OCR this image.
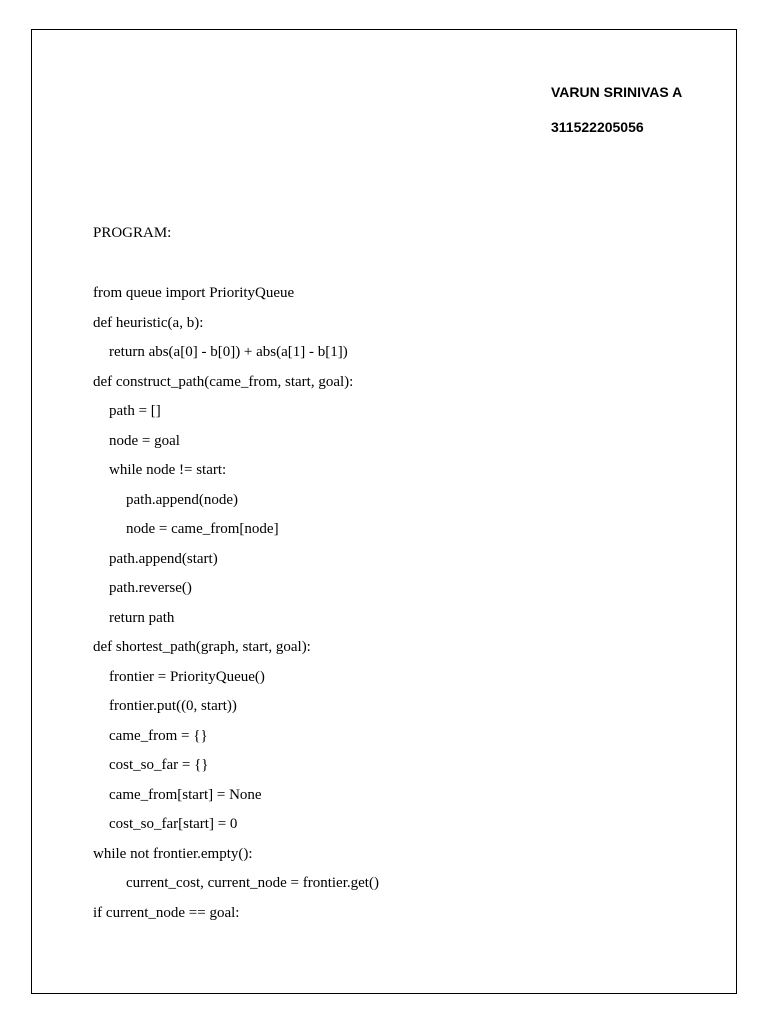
VARUN SRINIVAS A
311522205056
PROGRAM:
from queue import PriorityQueue
def heuristic(a, b):
return abs(a[0] - b[0]) + abs(a[1] - b[1])
def construct_path(came_from, start, goal):
path = []
node = goal
while node != start:
path.append(node)
node = came_from[node]
path.append(start)
path.reverse()
return path
def shortest_path(graph, start, goal):
frontier = PriorityQueue()
frontier.put((0, start))
came_from = {}
cost_so_far = {}
came_from[start] = None
cost_so_far[start] = 0
while not frontier.empty():
current_cost, current_node = frontier.get()
if current_node == goal:
